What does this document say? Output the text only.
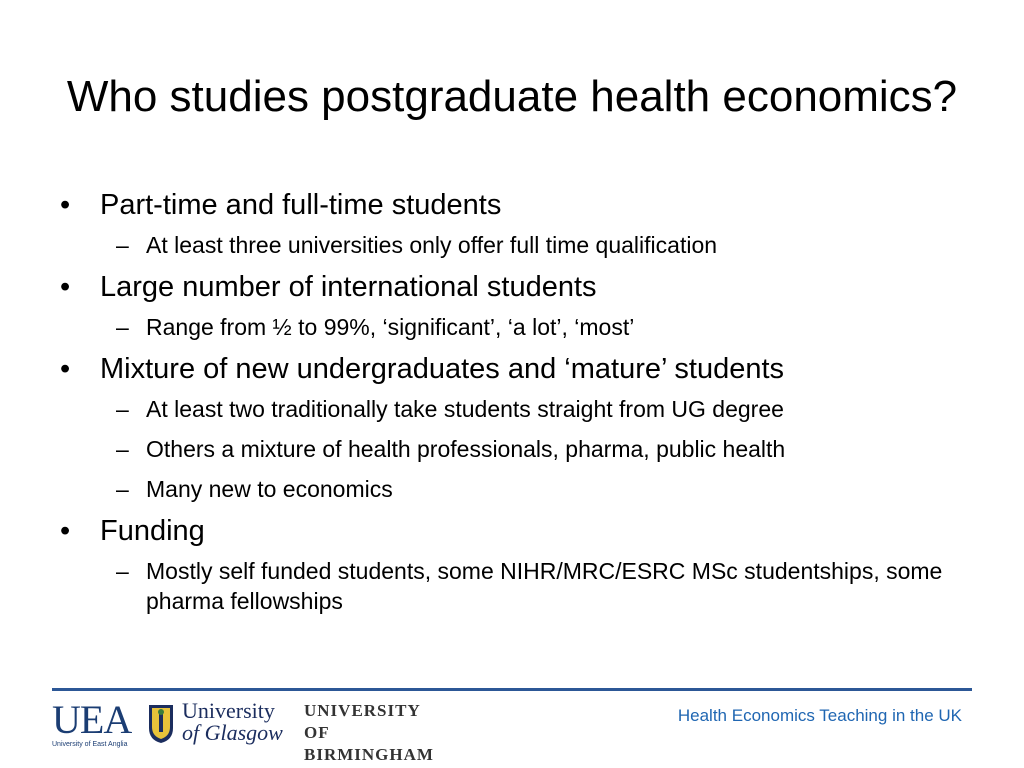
Who studies postgraduate health economics?
• Part-time and full-time students
– At least three universities only offer full time qualification
• Large number of international students
– Range from ½ to 99%, ‘significant’, ‘a lot’, ‘most’
• Mixture of new undergraduates and ‘mature’ students
– At least two traditionally take students straight from UG degree
– Others a mixture of health professionals, pharma, public health
– Many new to economics
• Funding
– Mostly self funded students, some NIHR/MRC/ESRC MSc studentships, some pharma fellowships
UEA
University of East Anglia
University
of Glasgow
UNIVERSITY OF
BIRMINGHAM
Health Economics Teaching in the UK
